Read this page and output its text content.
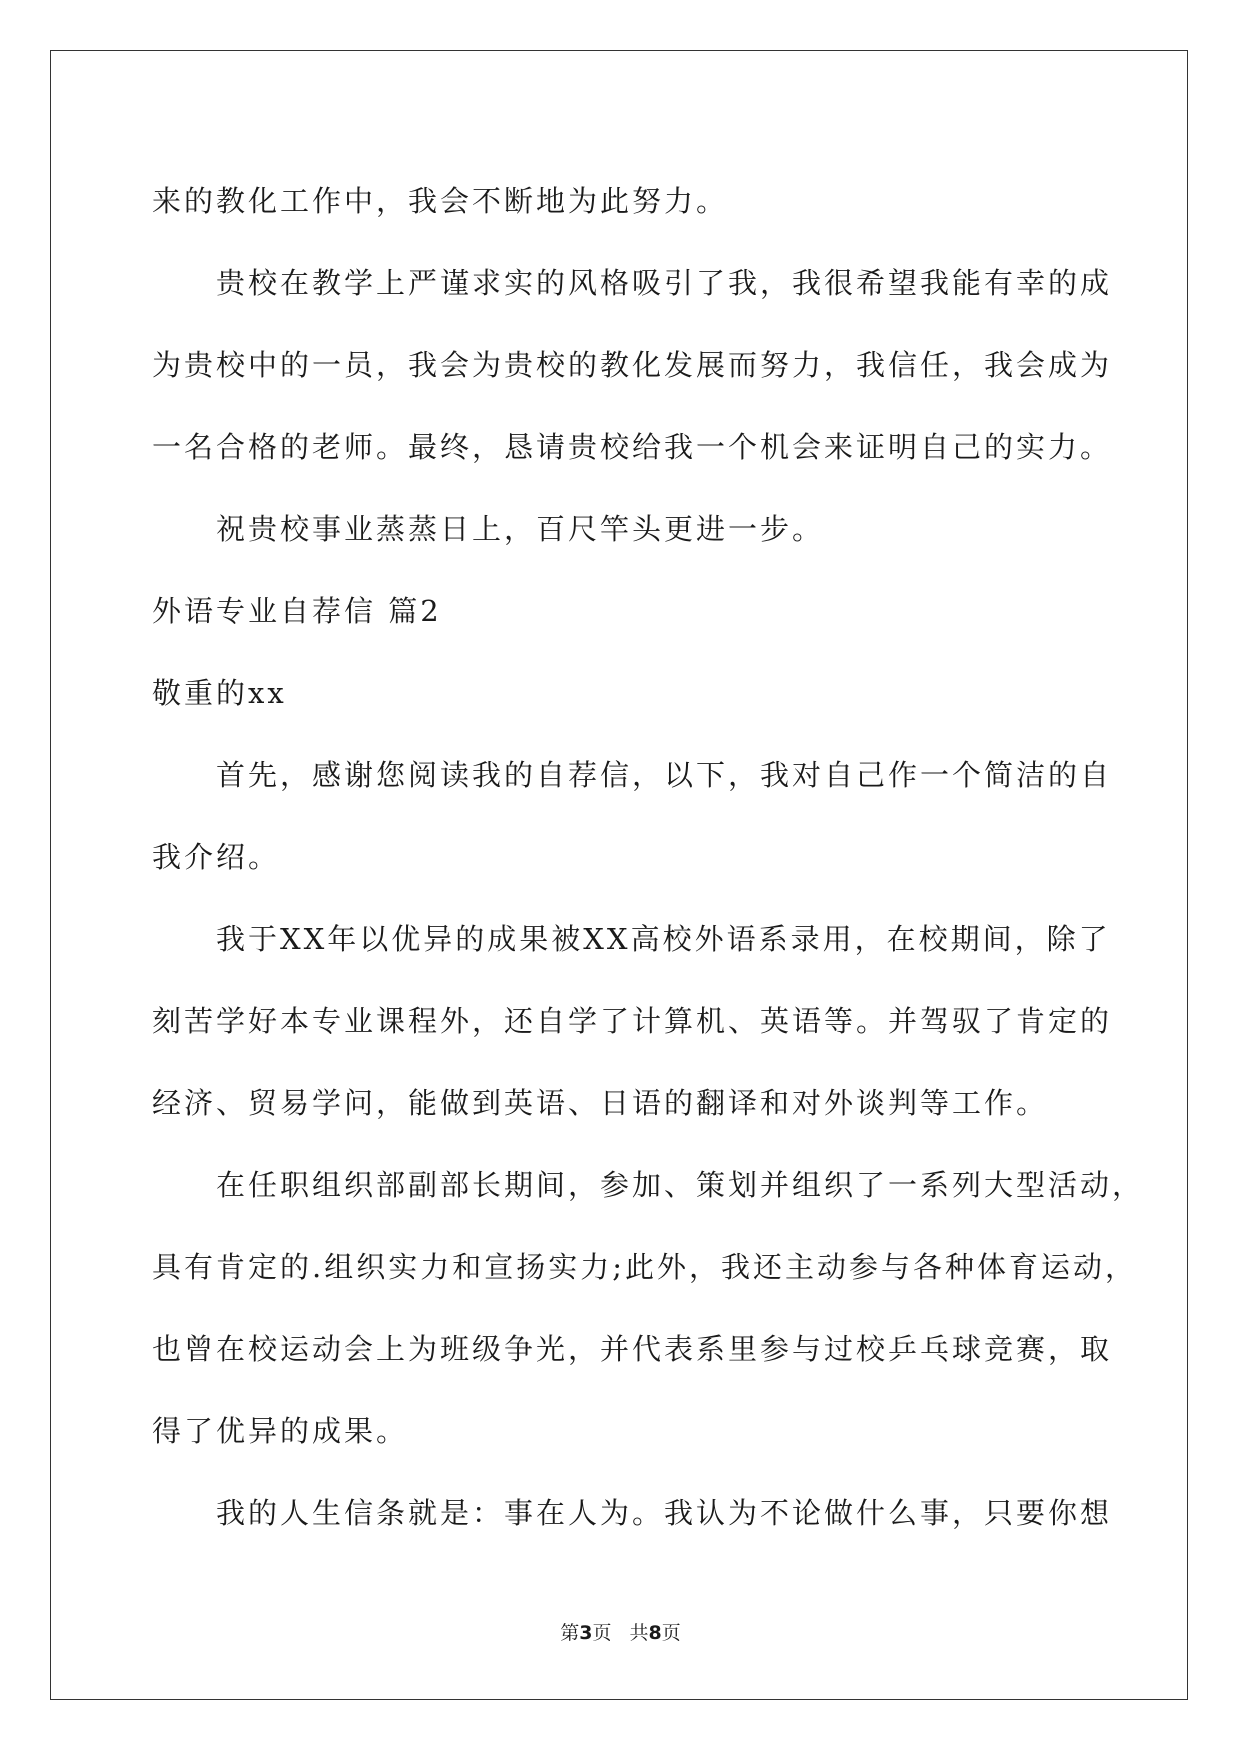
来的教化工作中，我会不断地为此努力。

贵校在教学上严谨求实的风格吸引了我，我很希望我能有幸的成

为贵校中的一员，我会为贵校的教化发展而努力，我信任，我会成为

一名合格的老师。最终，恳请贵校给我一个机会来证明自己的实力。

祝贵校事业蒸蒸日上，百尺竿头更进一步。

外语专业自荐信 篇2

敬重的xx

首先，感谢您阅读我的自荐信，以下，我对自己作一个简洁的自

我介绍。

我于XX年以优异的成果被XX高校外语系录用，在校期间，除了

刻苦学好本专业课程外，还自学了计算机、英语等。并驾驭了肯定的

经济、贸易学问，能做到英语、日语的翻译和对外谈判等工作。

在任职组织部副部长期间，参加、策划并组织了一系列大型活动，

具有肯定的.组织实力和宣扬实力;此外，我还主动参与各种体育运动，

也曾在校运动会上为班级争光，并代表系里参与过校乒乓球竞赛，取

得了优异的成果。

我的人生信条就是：事在人为。我认为不论做什么事，只要你想

第3页 共8页
